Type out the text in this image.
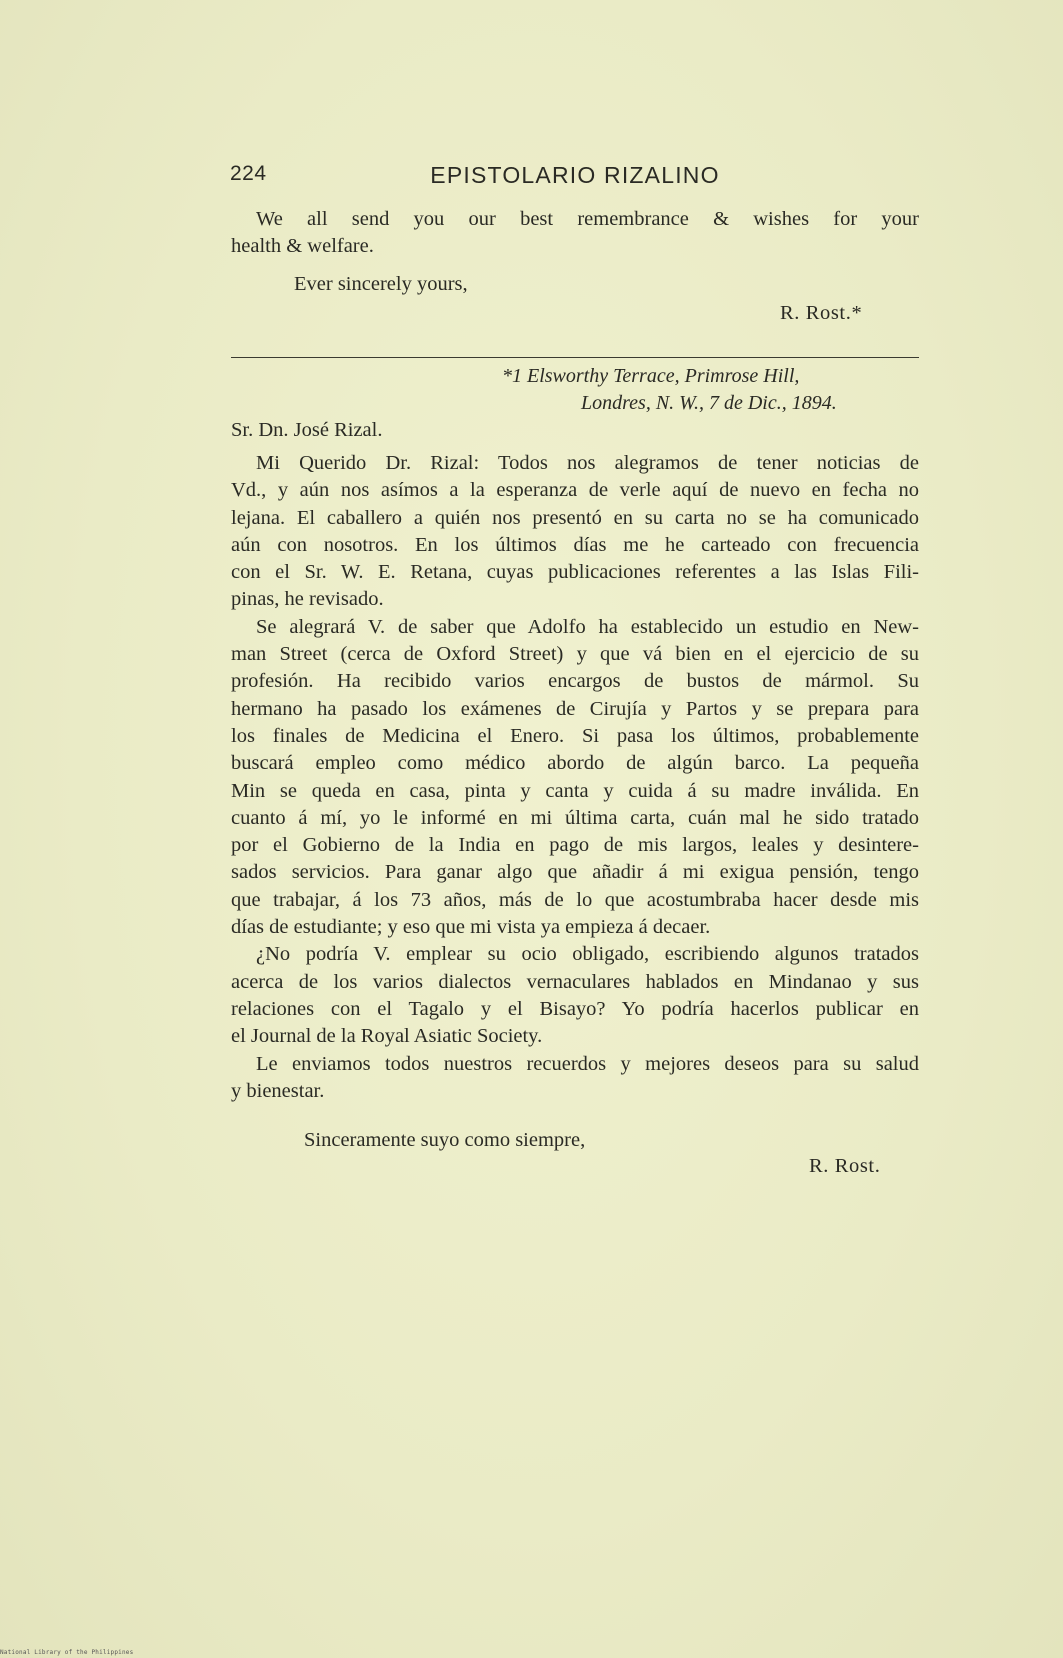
224	EPISTOLARIO RIZALINO
We all send you our best remembrance & wishes for your
health & welfare.
Ever sincerely yours,
R. Rost.*
*1 Elsworthy Terrace, Primrose Hill,
Londres, N. W., 7 de Dic., 1894.
Sr. Dn. José Rizal.
Mi Querido Dr. Rizal: Todos nos alegramos de tener noticias de
Vd., y aún nos asímos a la esperanza de verle aquí de nuevo en fecha no
lejana. El caballero a quién nos presentó en su carta no se ha comunicado
aún con nosotros. En los últimos días me he carteado con frecuencia
con el Sr. W. E. Retana, cuyas publicaciones referentes a las Islas Fili-
pinas, he revisado.
Se alegrará V. de saber que Adolfo ha establecido un estudio en New-
man Street (cerca de Oxford Street) y que vá bien en el ejercicio de su
profesión. Ha recibido varios encargos de bustos de mármol. Su
hermano ha pasado los exámenes de Cirujía y Partos y se prepara para
los finales de Medicina el Enero. Si pasa los últimos, probablemente
buscará empleo como médico abordo de algún barco. La pequeña
Min se queda en casa, pinta y canta y cuida á su madre inválida. En
cuanto á mí, yo le informé en mi última carta, cuán mal he sido tratado
por el Gobierno de la India en pago de mis largos, leales y desintere-
sados servicios. Para ganar algo que añadir á mi exigua pensión, tengo
que trabajar, á los 73 años, más de lo que acostumbraba hacer desde mis
días de estudiante; y eso que mi vista ya empieza á decaer.
¿No podría V. emplear su ocio obligado, escribiendo algunos tratados
acerca de los varios dialectos vernaculares hablados en Mindanao y sus
relaciones con el Tagalo y el Bisayo? Yo podría hacerlos publicar en
el Journal de la Royal Asiatic Society.
Le enviamos todos nuestros recuerdos y mejores deseos para su salud
y bienestar.
Sinceramente suyo como siempre,
R. Rost.
National Library of the Philippines
